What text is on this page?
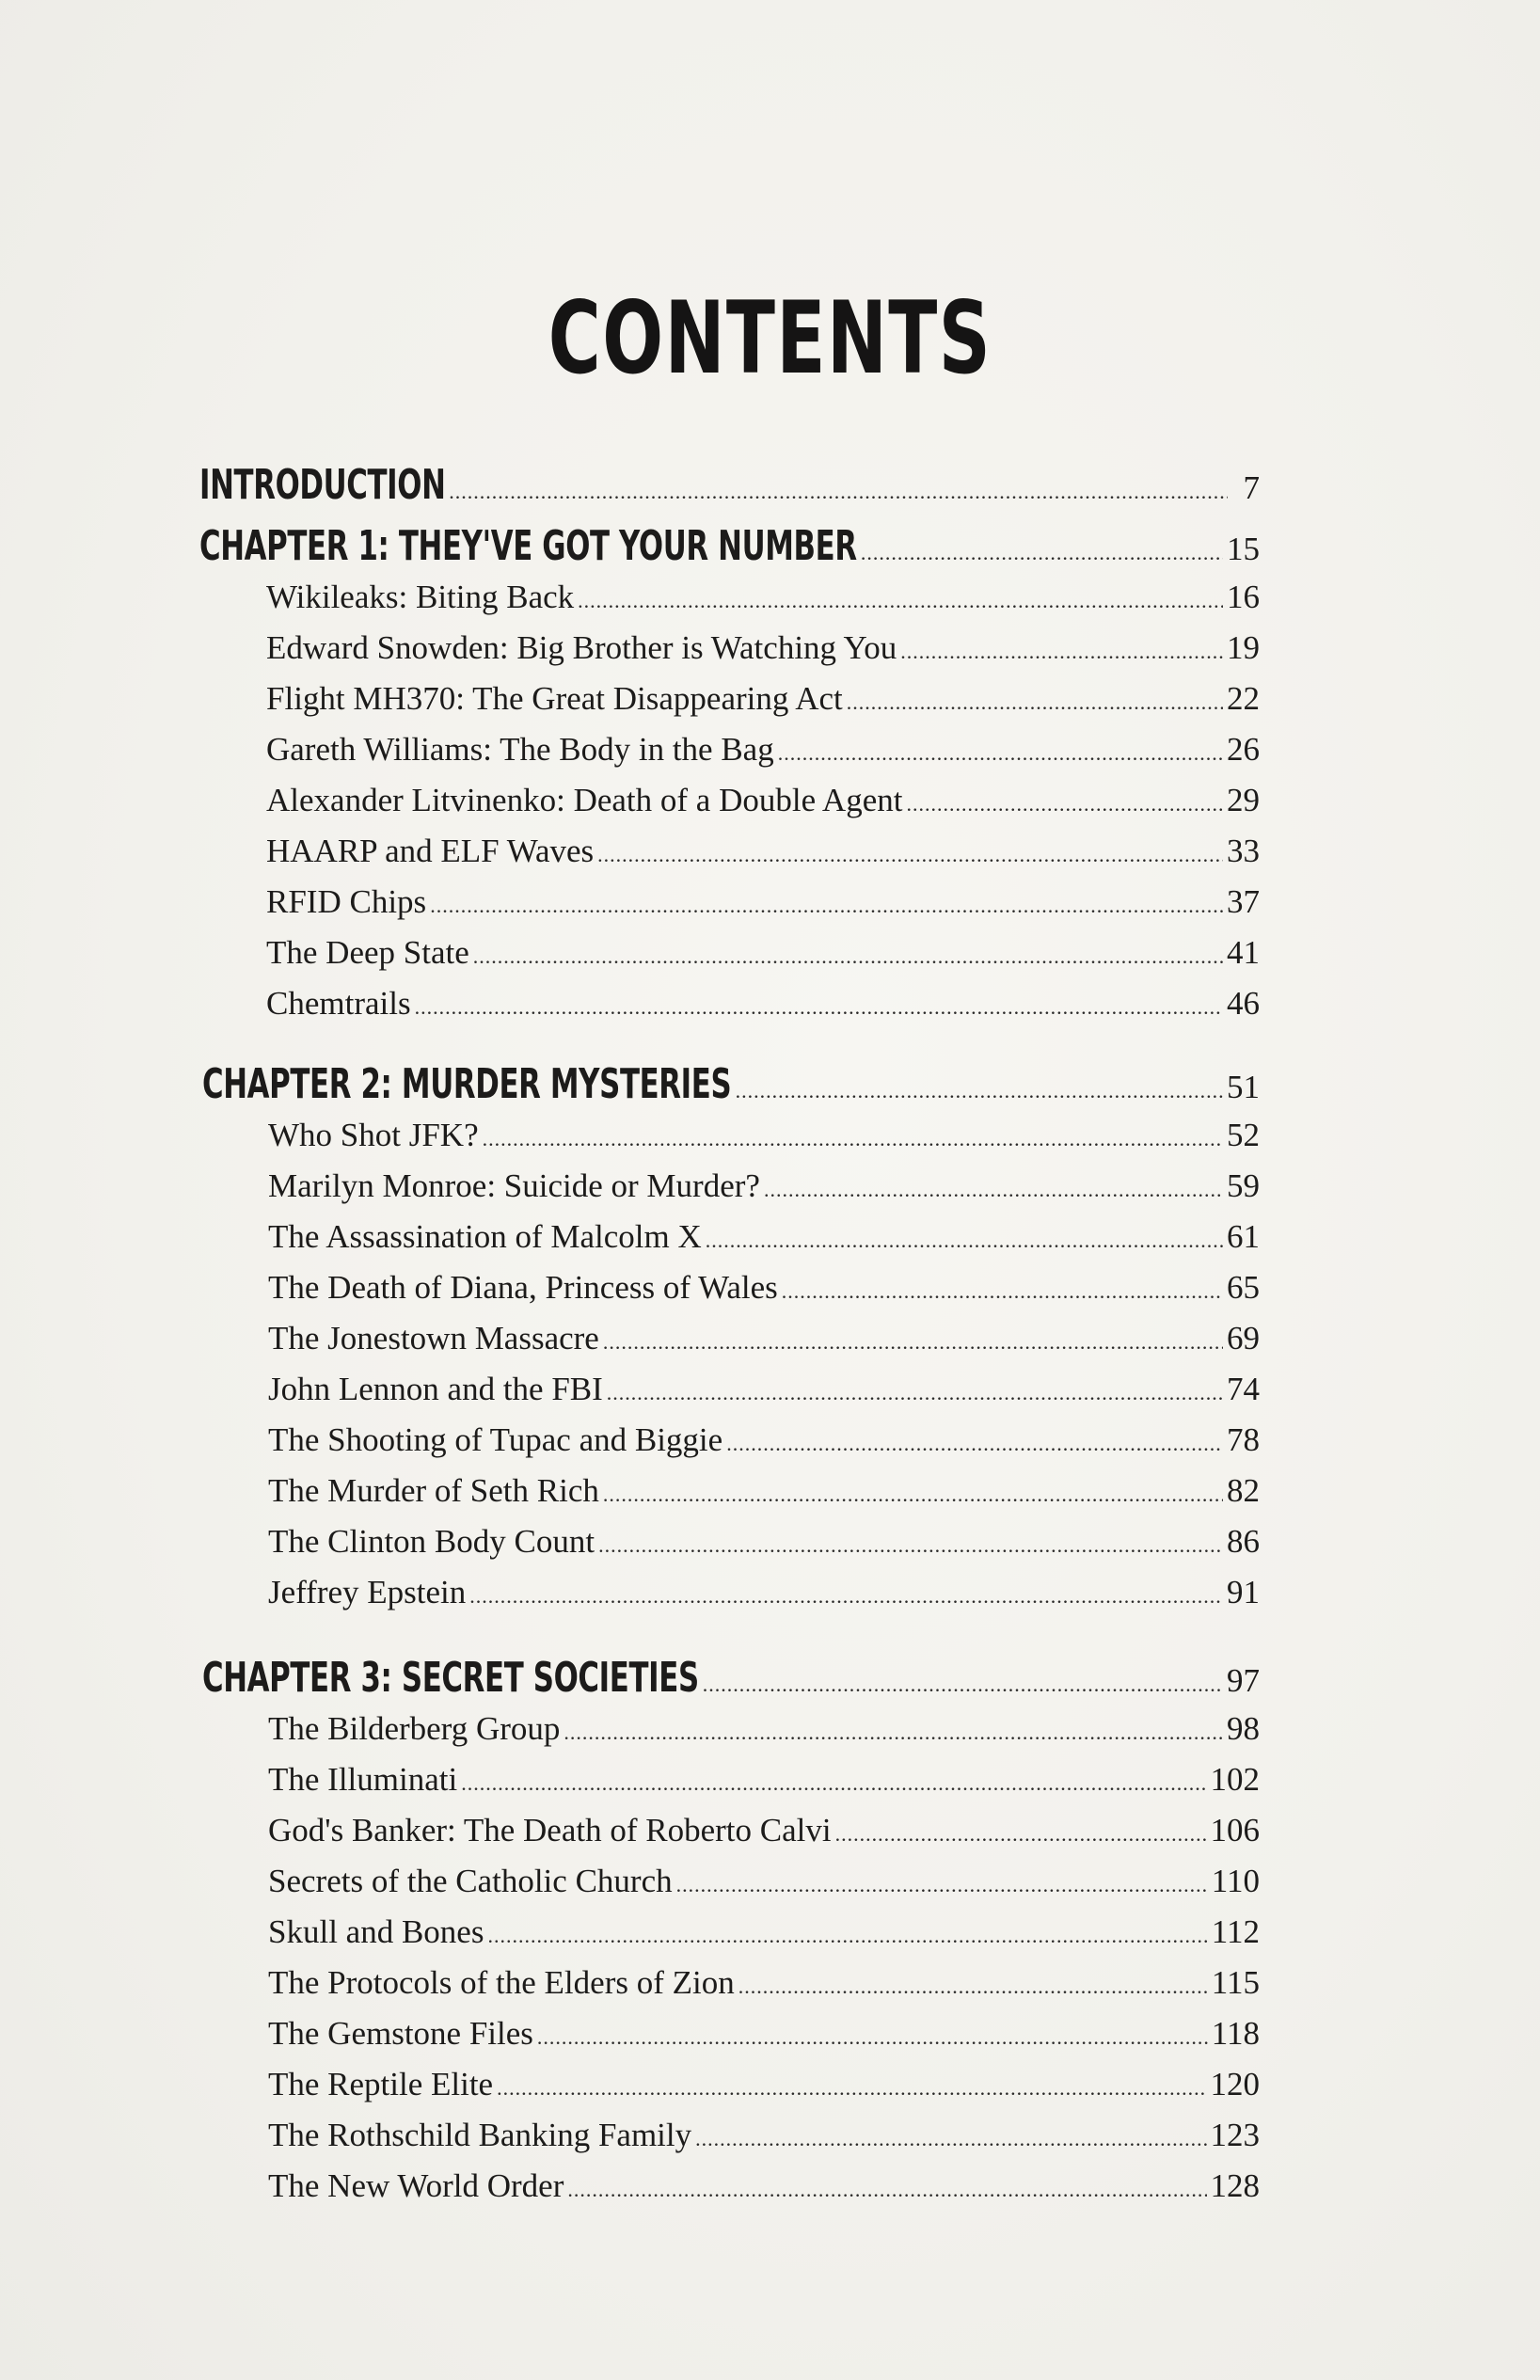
CONTENTS
INTRODUCTION .....	7
CHAPTER 1: THEY'VE GOT YOUR NUMBER .....	15
Wikileaks: Biting Back .....	16
Edward Snowden: Big Brother is Watching You .....	19
Flight MH370: The Great Disappearing Act .....	22
Gareth Williams: The Body in the Bag .....	26
Alexander Litvinenko: Death of a Double Agent .....	29
HAARP and ELF Waves .....	33
RFID Chips .....	37
The Deep State .....	41
Chemtrails .....	46
CHAPTER 2: MURDER MYSTERIES .....	51
Who Shot JFK? .....	52
Marilyn Monroe: Suicide or Murder? .....	59
The Assassination of Malcolm X .....	61
The Death of Diana, Princess of Wales .....	65
The Jonestown Massacre .....	69
John Lennon and the FBI .....	74
The Shooting of Tupac and Biggie .....	78
The Murder of Seth Rich .....	82
The Clinton Body Count .....	86
Jeffrey Epstein .....	91
CHAPTER 3: SECRET SOCIETIES .....	97
The Bilderberg Group .....	98
The Illuminati .....	102
God's Banker: The Death of Roberto Calvi .....	106
Secrets of the Catholic Church .....	110
Skull and Bones .....	112
The Protocols of the Elders of Zion .....	115
The Gemstone Files .....	118
The Reptile Elite .....	120
The Rothschild Banking Family .....	123
The New World Order .....	128
